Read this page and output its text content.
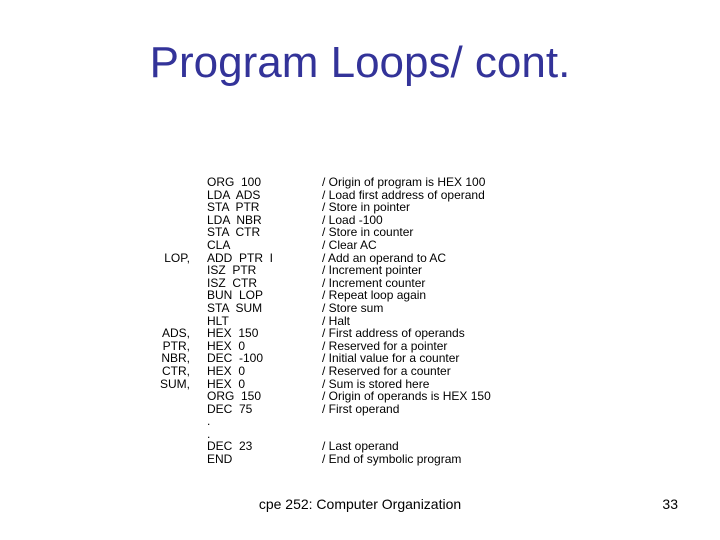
Program Loops/ cont.
LOP,
ADS,
PTR,
NBR,
CTR,
SUM,
ORG  100
LDA  ADS
STA  PTR
LDA  NBR
STA  CTR
CLA
ADD  PTR  I
ISZ  PTR
ISZ  CTR
BUN  LOP
STA  SUM
HLT
HEX  150
HEX  0
DEC  -100
HEX  0
HEX  0
ORG  150
DEC  75
.
.
DEC  23
END
/ Origin of program is HEX 100
/ Load first address of operand
/ Store in pointer
/ Load -100
/ Store in counter
/ Clear AC
/ Add an operand to AC
/ Increment pointer
/ Increment counter
/ Repeat loop again
/ Store sum
/ Halt
/ First address of operands
/ Reserved for a pointer
/ Initial value for a counter
/ Reserved for a counter
/ Sum is stored here
/ Origin of operands is HEX 150
/ First operand
/ Last operand
/ End of symbolic program
cpe 252: Computer Organization	33
